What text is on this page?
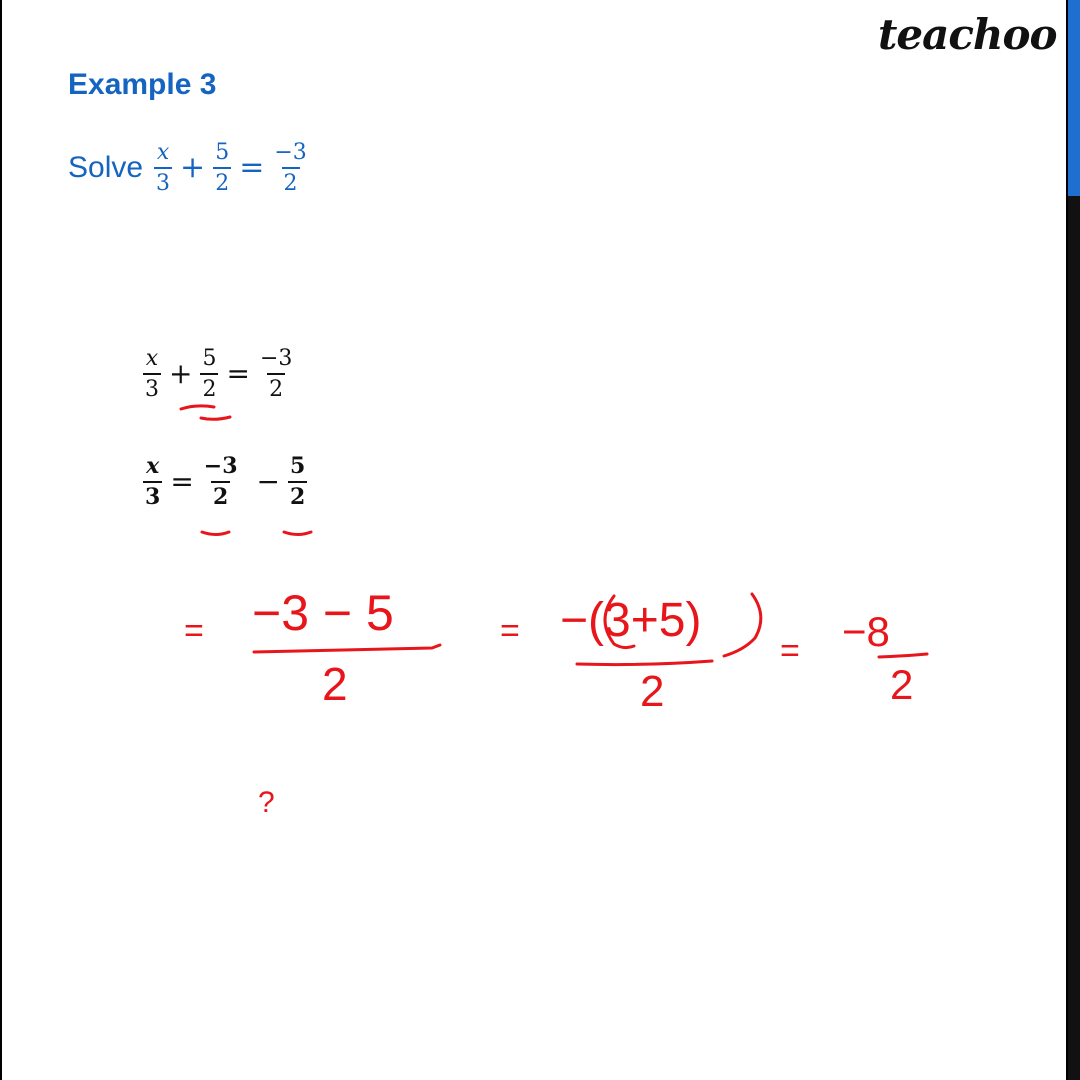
teachoo
Example 3
Solve $\frac{x}{3} + \frac{5}{2} = \frac{-3}{2}$
$\frac{x}{3} + \frac{5}{2} = \frac{-3}{2}$
$\frac{x}{3} = \frac{-3}{2} - \frac{5}{2}$
= −3 − 5
2
= −(3+5)
2
= −8
2
?
